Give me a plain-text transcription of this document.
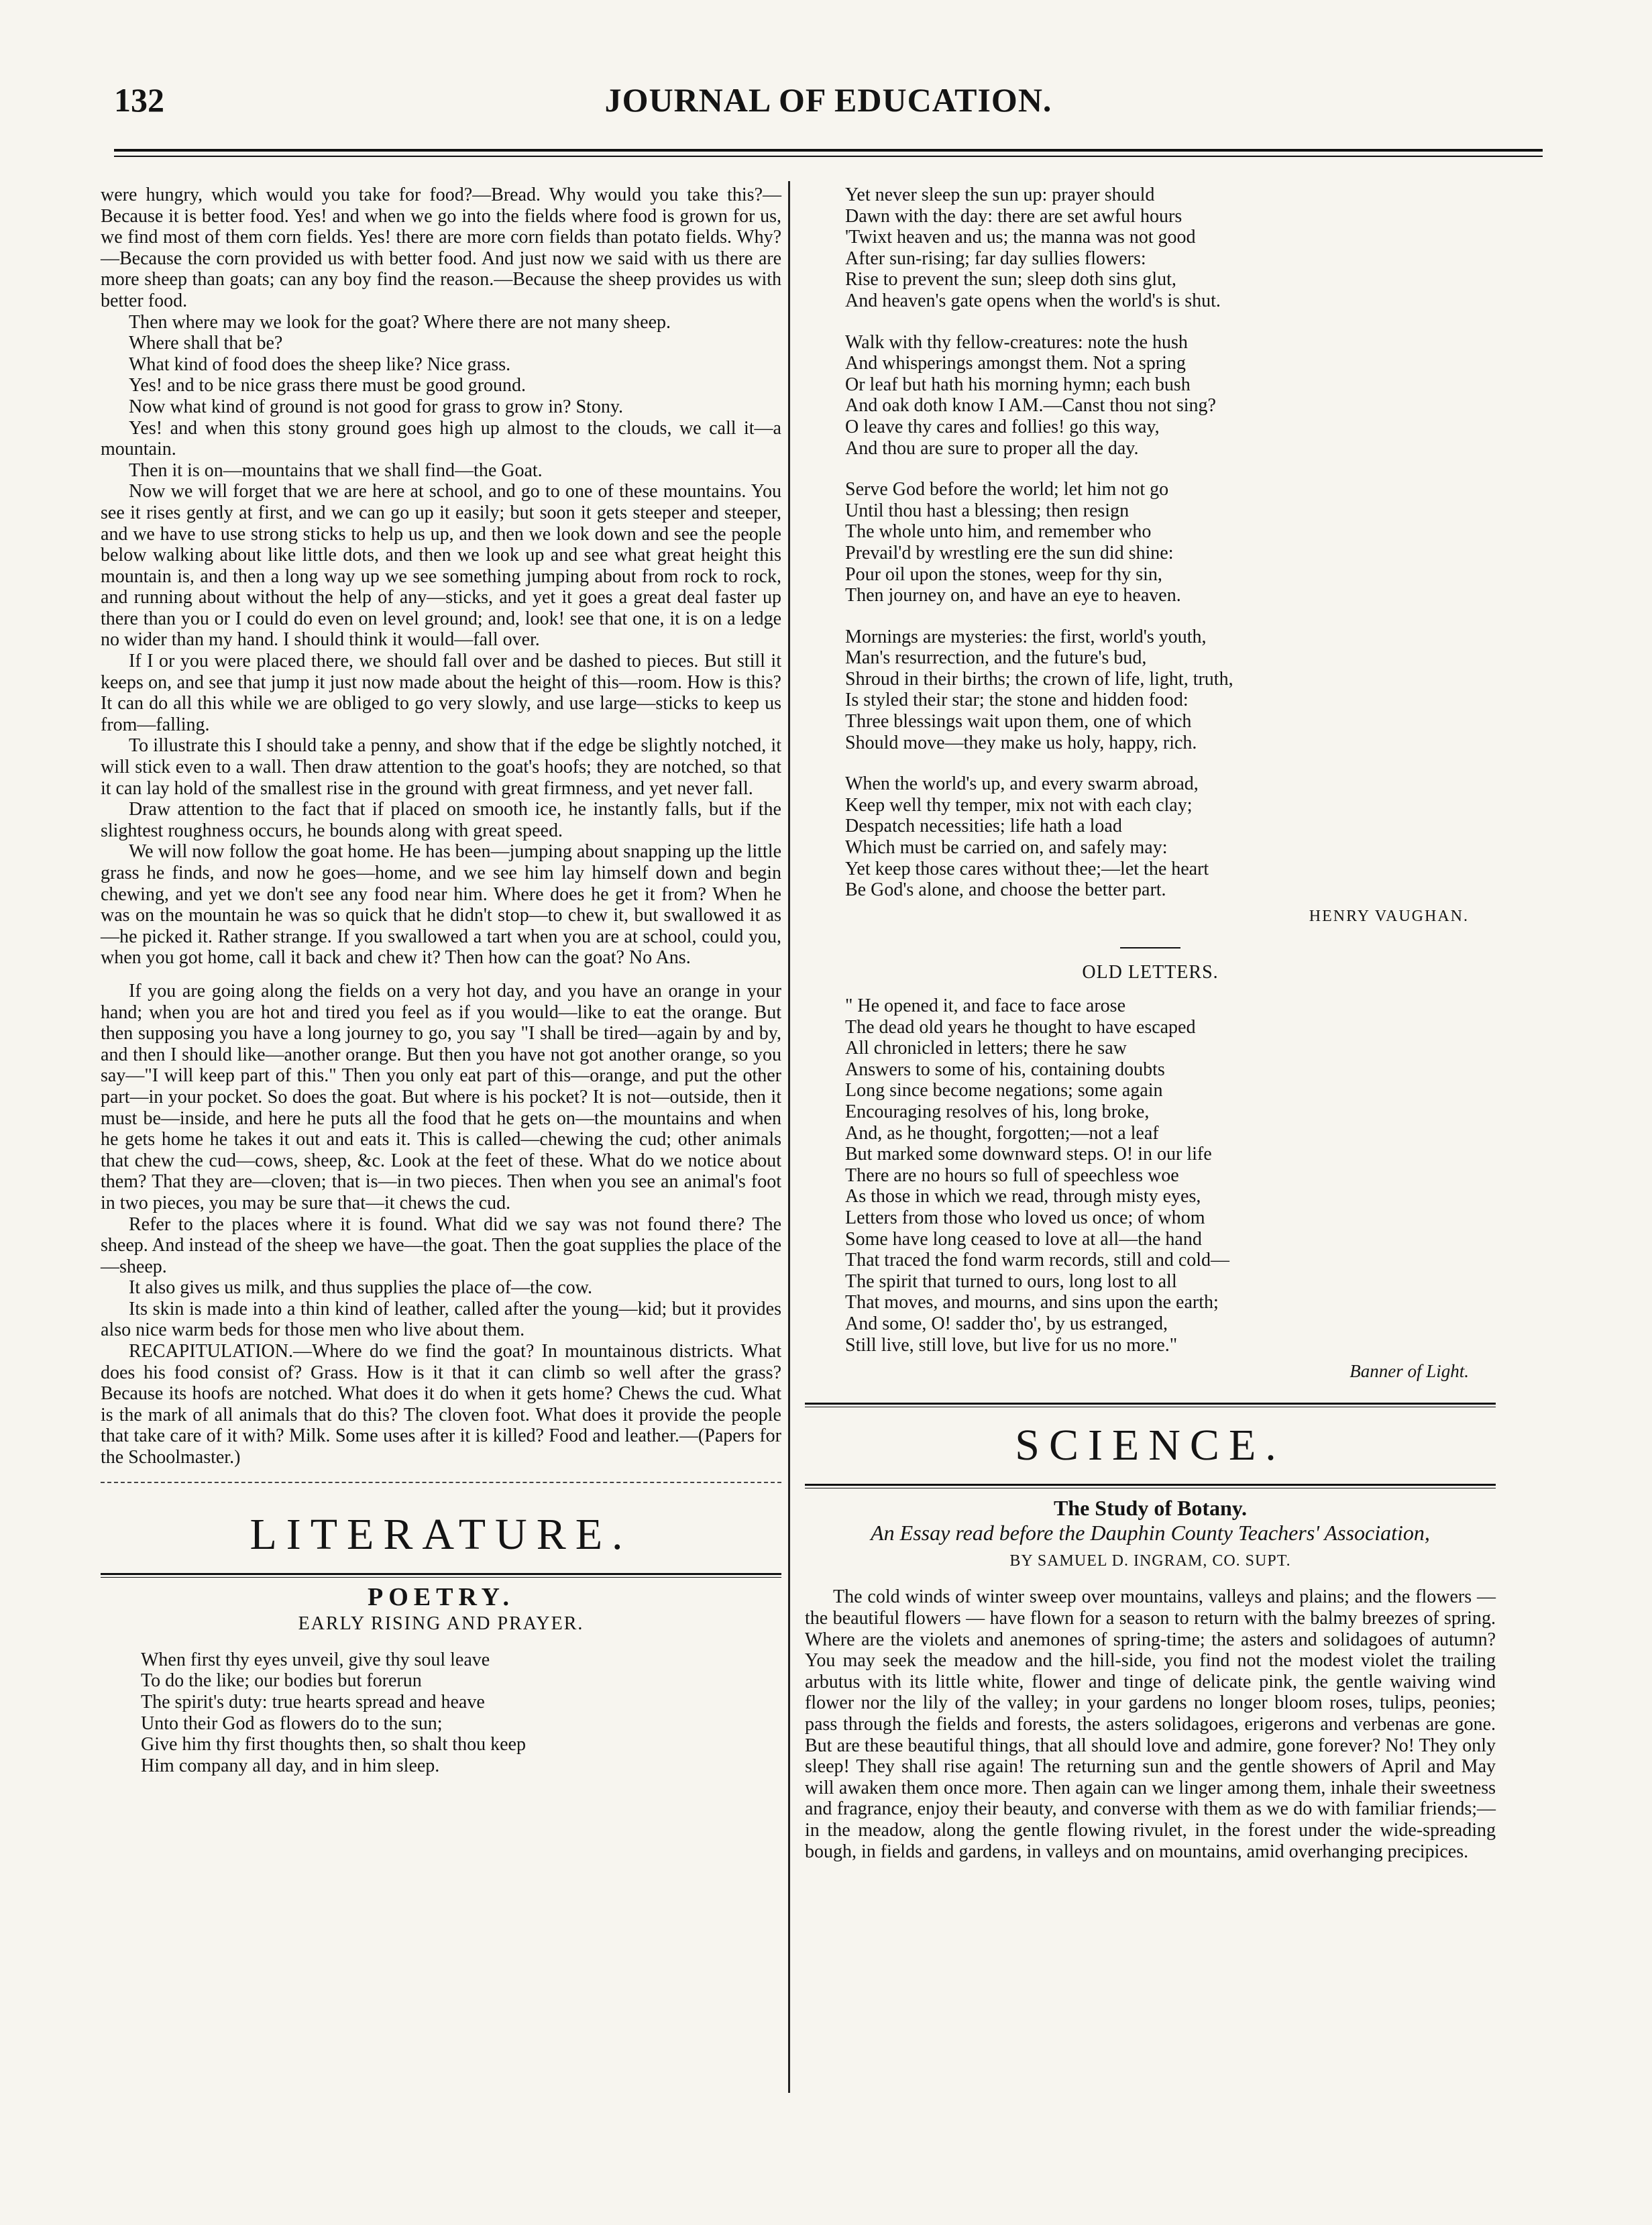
132	JOURNAL OF EDUCATION.

were hungry, which would you take for food?—Bread. Why would you take this?—Because it is better food. Yes! and when we go into the fields where food is grown for us, we find most of them corn fields. Yes! there are more corn fields than potato fields. Why?—Because the corn provided us with better food. And just now we said with us there are more sheep than goats; can any boy find the reason.—Because the sheep provides us with better food.

Then where may we look for the goat? Where there are not many sheep.

Where shall that be?

What kind of food does the sheep like? Nice grass.

Yes! and to be nice grass there must be good ground.

Now what kind of ground is not good for grass to grow in? Stony.

Yes! and when this stony ground goes high up almost to the clouds, we call it—a mountain.

Then it is on—mountains that we shall find—the Goat.

Now we will forget that we are here at school, and go to one of these mountains. You see it rises gently at first, and we can go up it easily; but soon it gets steeper and steeper, and we have to use strong sticks to help us up, and then we look down and see the people below walking about like little dots, and then we look up and see what great height this mountain is, and then a long way up we see something jumping about from rock to rock, and running about without the help of any—sticks, and yet it goes a great deal faster up there than you or I could do even on level ground; and, look! see that one, it is on a ledge no wider than my hand. I should think it would—fall over.

If I or you were placed there, we should fall over and be dashed to pieces. But still it keeps on, and see that jump it just now made about the height of this—room. How is this? It can do all this while we are obliged to go very slowly, and use large—sticks to keep us from—falling.

To illustrate this I should take a penny, and show that if the edge be slightly notched, it will stick even to a wall. Then draw attention to the goat's hoofs; they are notched, so that it can lay hold of the smallest rise in the ground with great firmness, and yet never fall.

Draw attention to the fact that if placed on smooth ice, he instantly falls, but if the slightest roughness occurs, he bounds along with great speed.

We will now follow the goat home. He has been—jumping about snapping up the little grass he finds, and now he goes—home, and we see him lay himself down and begin chewing, and yet we don't see any food near him. Where does he get it from? When he was on the mountain he was so quick that he didn't stop—to chew it, but swallowed it as—he picked it. Rather strange. If you swallowed a tart when you are at school, could you, when you got home, call it back and chew it? Then how can the goat? No Ans.

If you are going along the fields on a very hot day, and you have an orange in your hand; when you are hot and tired you feel as if you would—like to eat the orange. But then supposing you have a long journey to go, you say "I shall be tired—again by and by, and then I should like—another orange. But then you have not got another orange, so you say—"I will keep part of this." Then you only eat part of this—orange, and put the other part—in your pocket. So does the goat. But where is his pocket? It is not—outside, then it must be—inside, and here he puts all the food that he gets on—the mountains and when he gets home he takes it out and eats it. This is called—chewing the cud; other animals that chew the cud—cows, sheep, &c. Look at the feet of these. What do we notice about them? That they are—cloven; that is—in two pieces. Then when you see an animal's foot in two pieces, you may be sure that—it chews the cud.

Refer to the places where it is found. What did we say was not found there? The sheep. And instead of the sheep we have—the goat. Then the goat supplies the place of the—sheep.

It also gives us milk, and thus supplies the place of—the cow.

Its skin is made into a thin kind of leather, called after the young—kid; but it provides also nice warm beds for those men who live about them.

RECAPITULATION.—Where do we find the goat? In mountainous districts. What does his food consist of? Grass. How is it that it can climb so well after the grass? Because its hoofs are notched. What does it do when it gets home? Chews the cud. What is the mark of all animals that do this? The cloven foot. What does it provide the people that take care of it with? Milk. Some uses after it is killed? Food and leather.—(Papers for the Schoolmaster.)

LITERATURE.
POETRY.
EARLY RISING AND PRAYER.
When first thy eyes unveil, give thy soul leave
To do the like; our bodies but forerun
The spirit's duty: true hearts spread and heave
Unto their God as flowers do to the sun;
Give him thy first thoughts then, so shalt thou keep
Him company all day, and in him sleep.
Yet never sleep the sun up: prayer should
Dawn with the day: there are set awful hours
'Twixt heaven and us; the manna was not good
After sun-rising; far day sullies flowers:
Rise to prevent the sun; sleep doth sins glut,
And heaven's gate opens when the world's is shut.
Walk with thy fellow-creatures: note the hush
And whisperings amongst them. Not a spring
Or leaf but hath his morning hymn; each bush
And oak doth know I AM.—Canst thou not sing?
O leave thy cares and follies! go this way,
And thou are sure to proper all the day.
Serve God before the world; let him not go
Until thou hast a blessing; then resign
The whole unto him, and remember who
Prevail'd by wrestling ere the sun did shine:
Pour oil upon the stones, weep for thy sin,
Then journey on, and have an eye to heaven.
Mornings are mysteries: the first, world's youth,
Man's resurrection, and the future's bud,
Shroud in their births; the crown of life, light, truth,
Is styled their star; the stone and hidden food:
Three blessings wait upon them, one of which
Should move—they make us holy, happy, rich.
When the world's up, and every swarm abroad,
Keep well thy temper, mix not with each clay;
Despatch necessities; life hath a load
Which must be carried on, and safely may:
Yet keep those cares without thee;—let the heart
Be God's alone, and choose the better part.
HENRY VAUGHAN.
OLD LETTERS.
" He opened it, and face to face arose
The dead old years he thought to have escaped
All chronicled in letters; there he saw
Answers to some of his, containing doubts
Long since become negations; some again
Encouraging resolves of his, long broke,
And, as he thought, forgotten;—not a leaf
But marked some downward steps. O! in our life
There are no hours so full of speechless woe
As those in which we read, through misty eyes,
Letters from those who loved us once; of whom
Some have long ceased to love at all—the hand
That traced the fond warm records, still and cold—
The spirit that turned to ours, long lost to all
That moves, and mourns, and sins upon the earth;
And some, O! sadder tho', by us estranged,
Still live, still love, but live for us no more."
Banner of Light.
SCIENCE.
The Study of Botany.
An Essay read before the Dauphin County Teachers' Association,
BY SAMUEL D. INGRAM, CO. SUPT.

The cold winds of winter sweep over mountains, valleys and plains; and the flowers — the beautiful flowers — have flown for a season to return with the balmy breezes of spring. Where are the violets and anemones of spring-time; the asters and solidagoes of autumn? You may seek the meadow and the hill-side, you find not the modest violet the trailing arbutus with its little white, flower and tinge of delicate pink, the gentle waiving wind flower nor the lily of the valley; in your gardens no longer bloom roses, tulips, peonies; pass through the fields and forests, the asters solidagoes, erigerons and verbenas are gone. But are these beautiful things, that all should love and admire, gone forever? No! They only sleep! They shall rise again! The returning sun and the gentle showers of April and May will awaken them once more. Then again can we linger among them, inhale their sweetness and fragrance, enjoy their beauty, and converse with them as we do with familiar friends;—in the meadow, along the gentle flowing rivulet, in the forest under the wide-spreading bough, in fields and gardens, in valleys and on mountains, amid overhanging precipices.
